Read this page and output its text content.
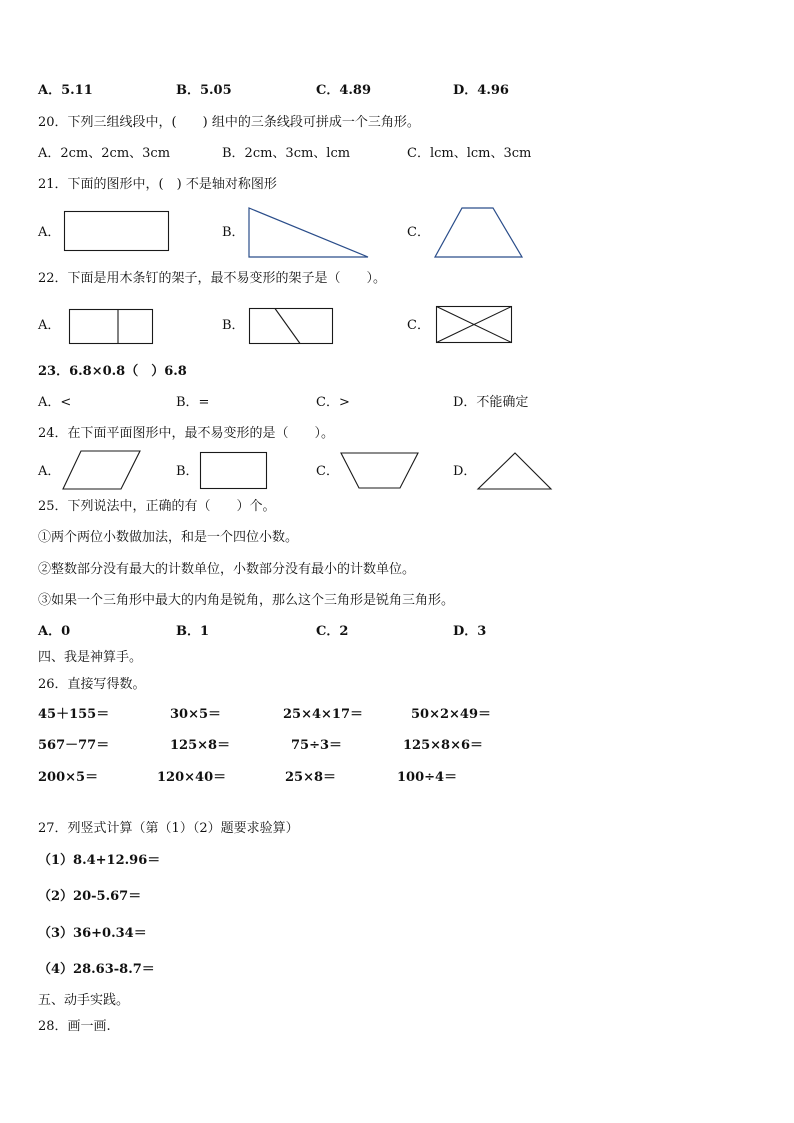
A．5.11	B．5.05	C．4.89	D．4.96
20．下列三组线段中，(　　) 组中的三条线段可拼成一个三角形。
A．2cm、2cm、3cm	B．2cm、3cm、lcm	C．lcm、lcm、3cm
21．下面的图形中，(　) 不是轴对称图形
A．	B．	C．
22．下面是用木条钉的架子，最不易变形的架子是（　　）。
A．	B．	C．
23．6.8×0.8（　）6.8
A．<	B．=	C．>	D．不能确定
24．在下面平面图形中，最不易变形的是（　　）。
A．	B．	C．	D．
25．下列说法中，正确的有（　　）个。
①两个两位小数做加法，和是一个四位小数。
②整数部分没有最大的计数单位，小数部分没有最小的计数单位。
③如果一个三角形中最大的内角是锐角，那么这个三角形是锐角三角形。
A．0	B．1	C．2	D．3
四、我是神算手。
26．直接写得数。
45＋155＝	30×5＝	25×4×17＝	50×2×49＝
567－77＝	125×8＝	75÷3＝	125×8×6＝
200×5＝	120×40＝	25×8＝	100÷4＝
27．列竖式计算（第（1）（2）题要求验算）
（1）8.4+12.96＝
（2）20-5.67＝
（3）36+0.34＝
（4）28.63-8.7＝
五、动手实践。
28．画一画.
